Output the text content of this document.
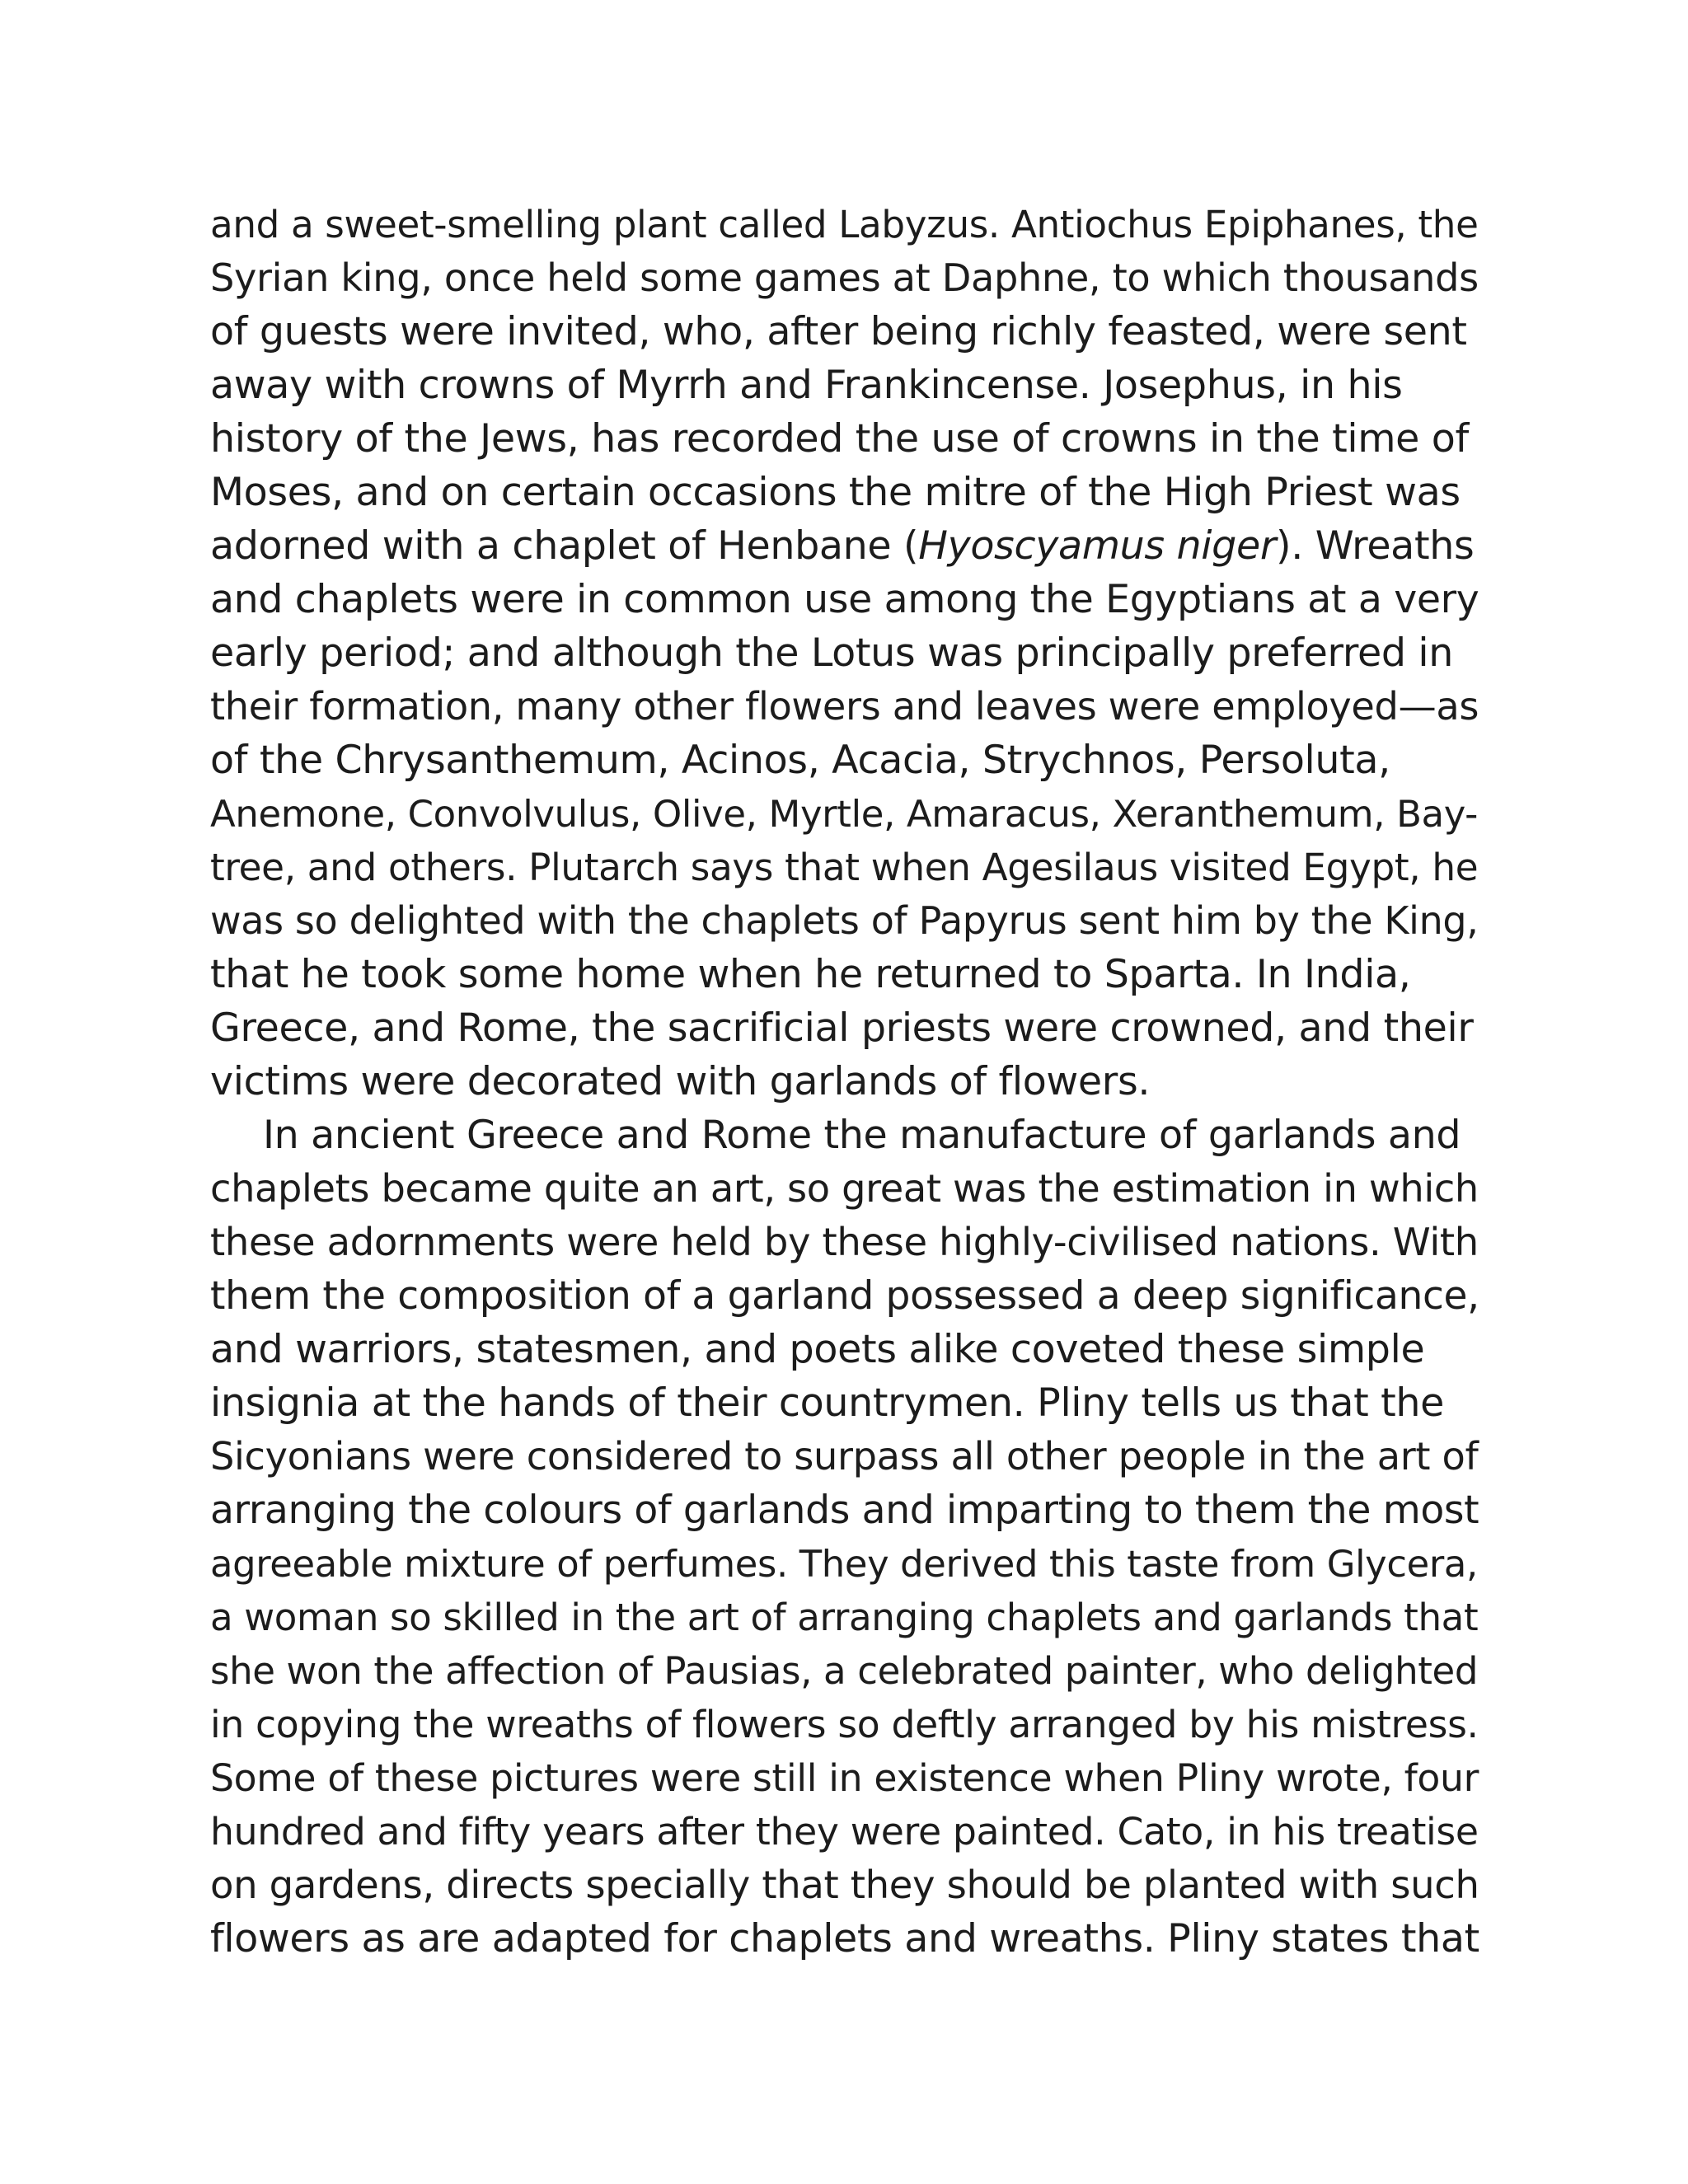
and a sweet-smelling plant called Labyzus. Antiochus Epiphanes, the
Syrian king, once held some games at Daphne, to which thousands
of guests were invited, who, after being richly feasted, were sent
away with crowns of Myrrh and Frankincense. Josephus, in his
history of the Jews, has recorded the use of crowns in the time of
Moses, and on certain occasions the mitre of the High Priest was
adorned with a chaplet of Henbane (Hyoscyamus niger). Wreaths
and chaplets were in common use among the Egyptians at a very
early period; and although the Lotus was principally preferred in
their formation, many other flowers and leaves were employed—as
of the Chrysanthemum, Acinos, Acacia, Strychnos, Persoluta,
Anemone, Convolvulus, Olive, Myrtle, Amaracus, Xeranthemum, Bay-
tree, and others. Plutarch says that when Agesilaus visited Egypt, he
was so delighted with the chaplets of Papyrus sent him by the King,
that he took some home when he returned to Sparta. In India,
Greece, and Rome, the sacrificial priests were crowned, and their
victims were decorated with garlands of flowers.
In ancient Greece and Rome the manufacture of garlands and
chaplets became quite an art, so great was the estimation in which
these adornments were held by these highly-civilised nations. With
them the composition of a garland possessed a deep significance,
and warriors, statesmen, and poets alike coveted these simple
insignia at the hands of their countrymen. Pliny tells us that the
Sicyonians were considered to surpass all other people in the art of
arranging the colours of garlands and imparting to them the most
agreeable mixture of perfumes. They derived this taste from Glycera,
a woman so skilled in the art of arranging chaplets and garlands that
she won the affection of Pausias, a celebrated painter, who delighted
in copying the wreaths of flowers so deftly arranged by his mistress.
Some of these pictures were still in existence when Pliny wrote, four
hundred and fifty years after they were painted. Cato, in his treatise
on gardens, directs specially that they should be planted with such
flowers as are adapted for chaplets and wreaths. Pliny states that
